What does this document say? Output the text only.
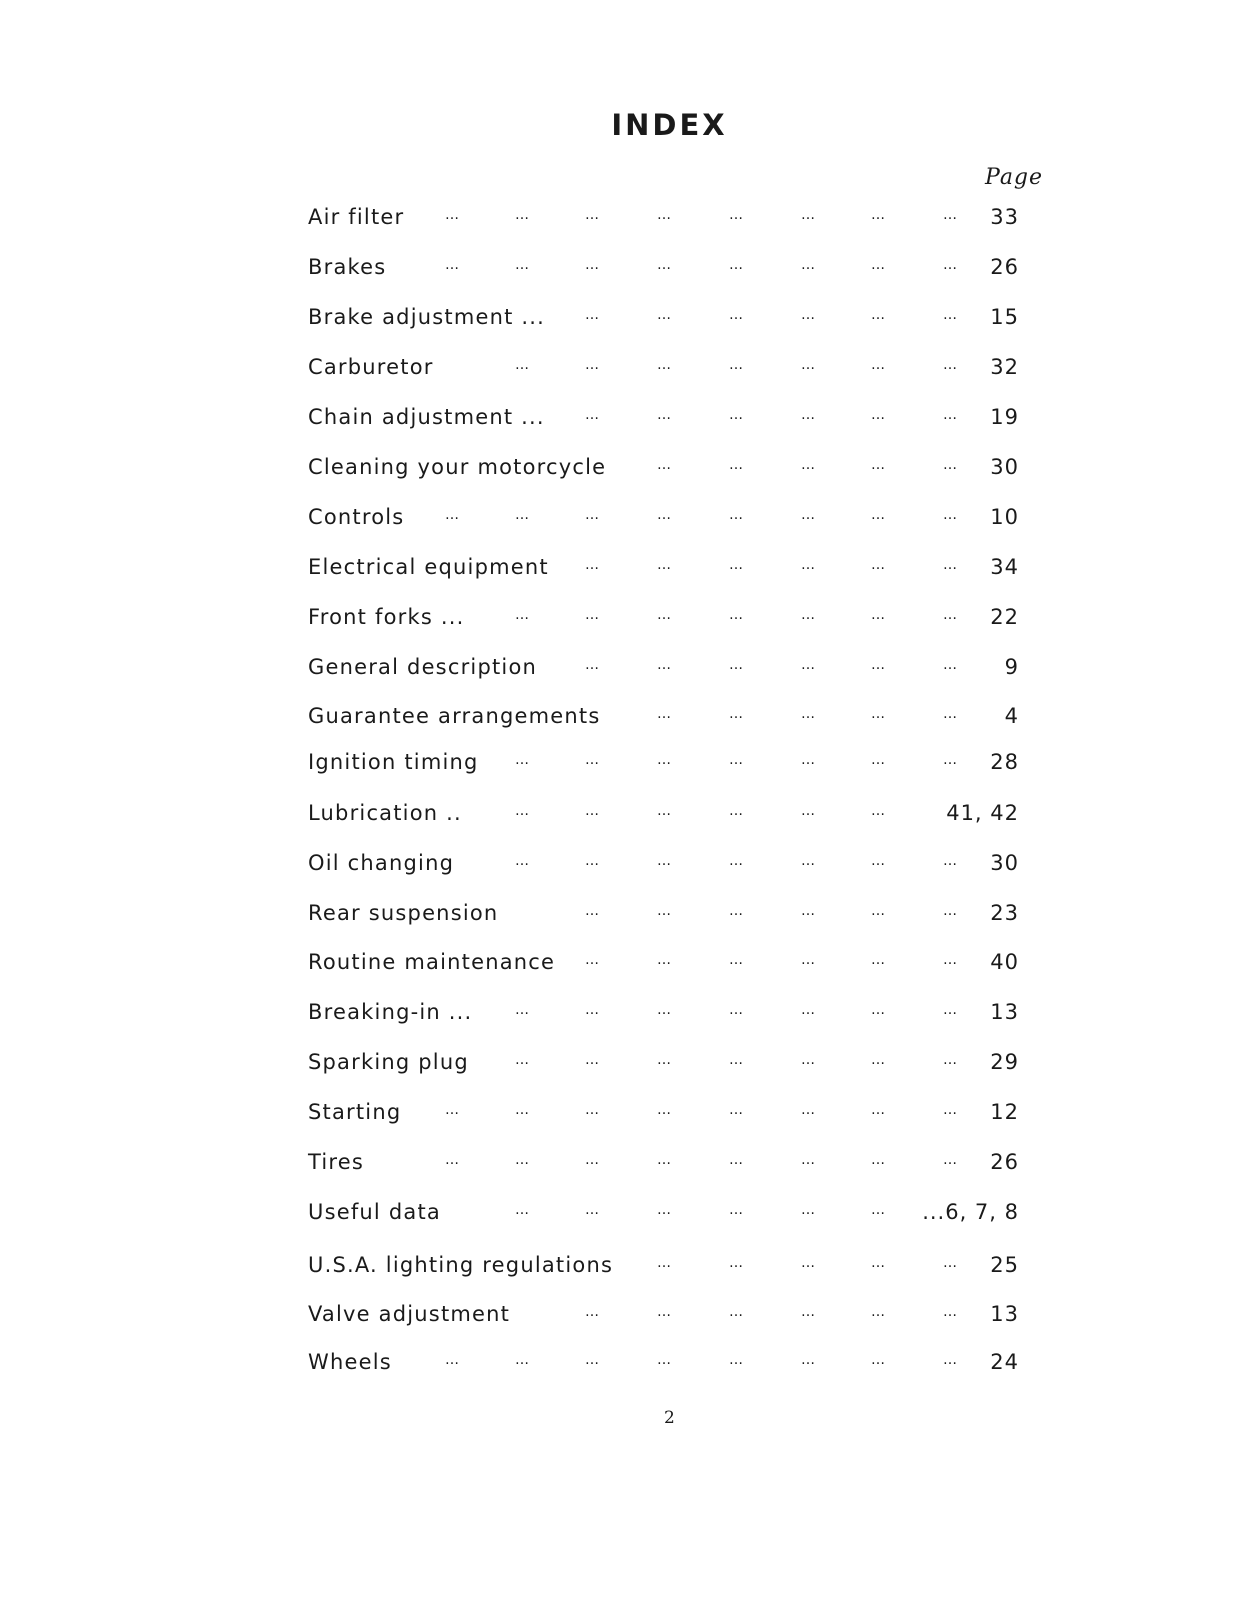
INDEX
Page
Air filter	33
…	…	…	…	…	…	…	…
Brakes	26
…	…	…	…	…	…	…	…
Brake adjustment ...	15
…	…	…	…	…	…
Carburetor	32
…	…	…	…	…	…	…
Chain adjustment ...	19
…	…	…	…	…	…
Cleaning your motorcycle	30
…	…	…	…	…
Controls	10
…	…	…	…	…	…	…	…
Electrical equipment	34
…	…	…	…	…	…
Front forks ...	22
…	…	…	…	…	…	…
General description	9
…	…	…	…	…	…
Guarantee arrangements	4
…	…	…	…	…
Ignition timing	28
…	…	…	…	…	…	…
Lubrication ..	41, 42
…	…	…	…	…	…
Oil changing	30
…	…	…	…	…	…	…
Rear suspension	23
…	…	…	…	…	…
Routine maintenance	40
…	…	…	…	…	…
Breaking-in ...	13
…	…	…	…	…	…	…
Sparking plug	29
…	…	…	…	…	…	…
Starting	12
…	…	…	…	…	…	…	…
Tires	26
…	…	…	…	…	…	…	…
Useful data	...6, 7, 8
…	…	…	…	…	…
U.S.A. lighting regulations	25
…	…	…	…	…
Valve adjustment	13
…	…	…	…	…	…
Wheels	24
…	…	…	…	…	…	…	…
2
